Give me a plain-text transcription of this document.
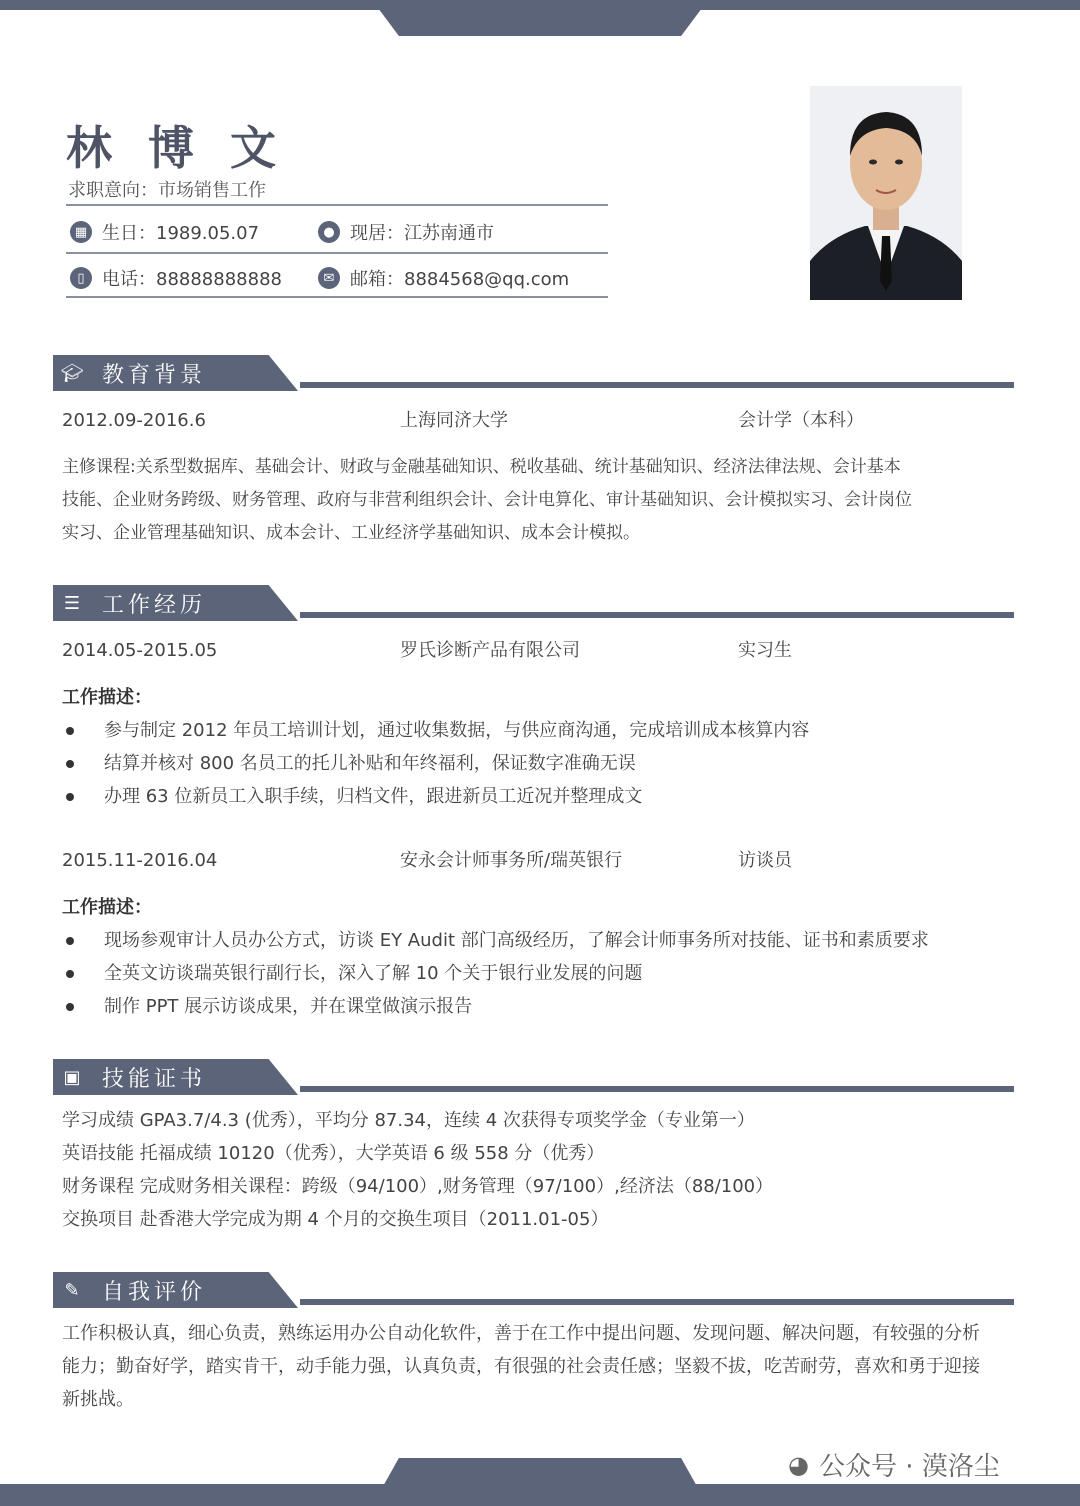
林 博 文
求职意向：市场销售工作
▦ 生日：1989.05.07	● 现居：江苏南通市
▯ 电话：88888888888	✉ 邮箱：8884568@qq.com
🎓︎ 教育背景
2012.09-2016.6	上海同济大学	会计学（本科）
主修课程:关系型数据库、基础会计、财政与金融基础知识、税收基础、统计基础知识、经济法律法规、会计基本
技能、企业财务跨级、财务管理、政府与非营利组织会计、会计电算化、审计基础知识、会计模拟实习、会计岗位
实习、企业管理基础知识、成本会计、工业经济学基础知识、成本会计模拟。
☰ 工作经历
2014.05-2015.05	罗氏诊断产品有限公司	实习生
工作描述：
参与制定 2012 年员工培训计划，通过收集数据，与供应商沟通，完成培训成本核算内容
结算并核对 800 名员工的托儿补贴和年终福利，保证数字准确无误
办理 63 位新员工入职手续，归档文件，跟进新员工近况并整理成文
2015.11-2016.04	安永会计师事务所/瑞英银行	访谈员
工作描述：
现场参观审计人员办公方式，访谈 EY Audit 部门高级经历，了解会计师事务所对技能、证书和素质要求
全英文访谈瑞英银行副行长，深入了解 10 个关于银行业发展的问题
制作 PPT 展示访谈成果，并在课堂做演示报告
▣ 技能证书
学习成绩 GPA3.7/4.3 (优秀），平均分 87.34，连续 4 次获得专项奖学金（专业第一）
英语技能 托福成绩 10120（优秀），大学英语 6 级 558 分（优秀）
财务课程 完成财务相关课程：跨级（94/100）,财务管理（97/100）,经济法（88/100）
交换项目 赴香港大学完成为期 4 个月的交换生项目（2011.01-05）
✎ 自我评价
工作积极认真，细心负责，熟练运用办公自动化软件，善于在工作中提出问题、发现问题、解决问题，有较强的分析
能力；勤奋好学，踏实肯干，动手能力强，认真负责，有很强的社会责任感；坚毅不拔，吃苦耐劳，喜欢和勇于迎接
新挑战。
◕ 公众号 · 漠洛尘
